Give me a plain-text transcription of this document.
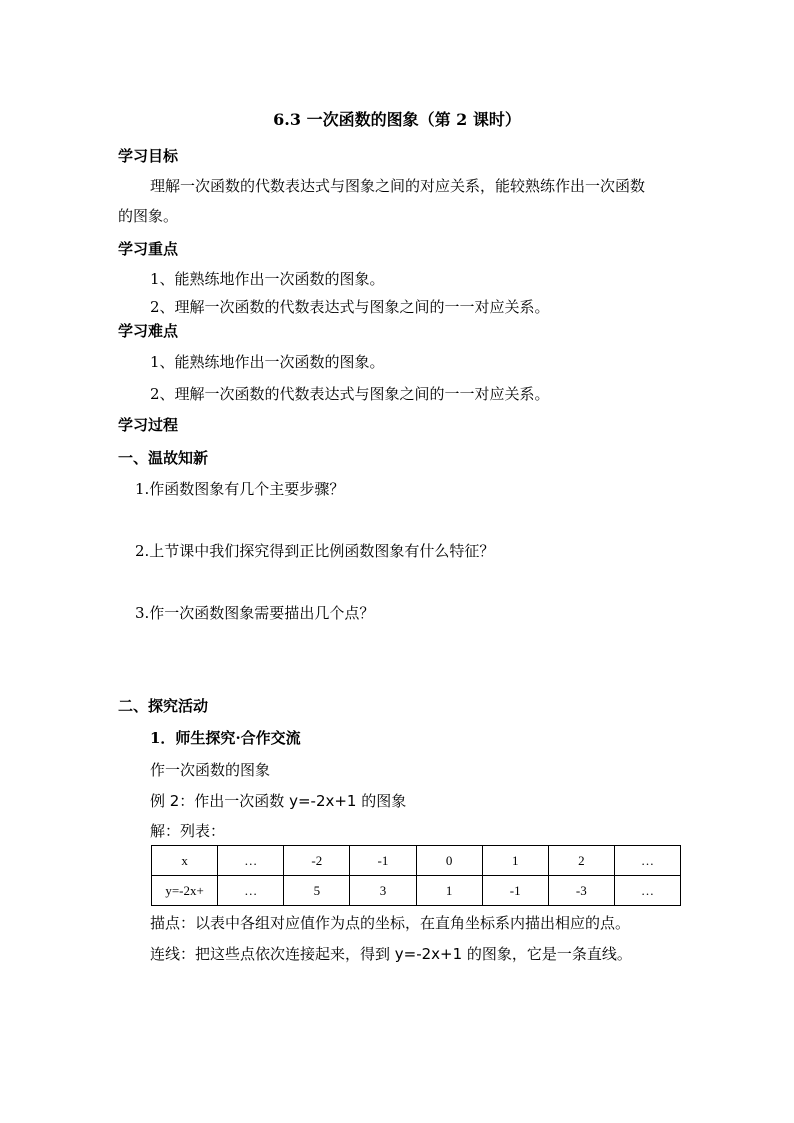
6.3 一次函数的图象（第 2 课时）
学习目标
理解一次函数的代数表达式与图象之间的对应关系，能较熟练作出一次函数
的图象。
学习重点
1、能熟练地作出一次函数的图象。
2、理解一次函数的代数表达式与图象之间的一一对应关系。
学习难点
1、能熟练地作出一次函数的图象。
2、理解一次函数的代数表达式与图象之间的一一对应关系。
学习过程
一、温故知新
1.作函数图象有几个主要步骤？
2.上节课中我们探究得到正比例函数图象有什么特征？
3.作一次函数图象需要描出几个点？
二、探究活动
1．师生探究·合作交流
作一次函数的图象
例 2：作出一次函数 y=-2x+1 的图象
解：列表：
x	…	-2	-1	0	1	2	…
y=-2x+	…	5	3	1	-1	-3	…
描点：以表中各组对应值作为点的坐标，在直角坐标系内描出相应的点。
连线：把这些点依次连接起来，得到 y=-2x+1 的图象，它是一条直线。
